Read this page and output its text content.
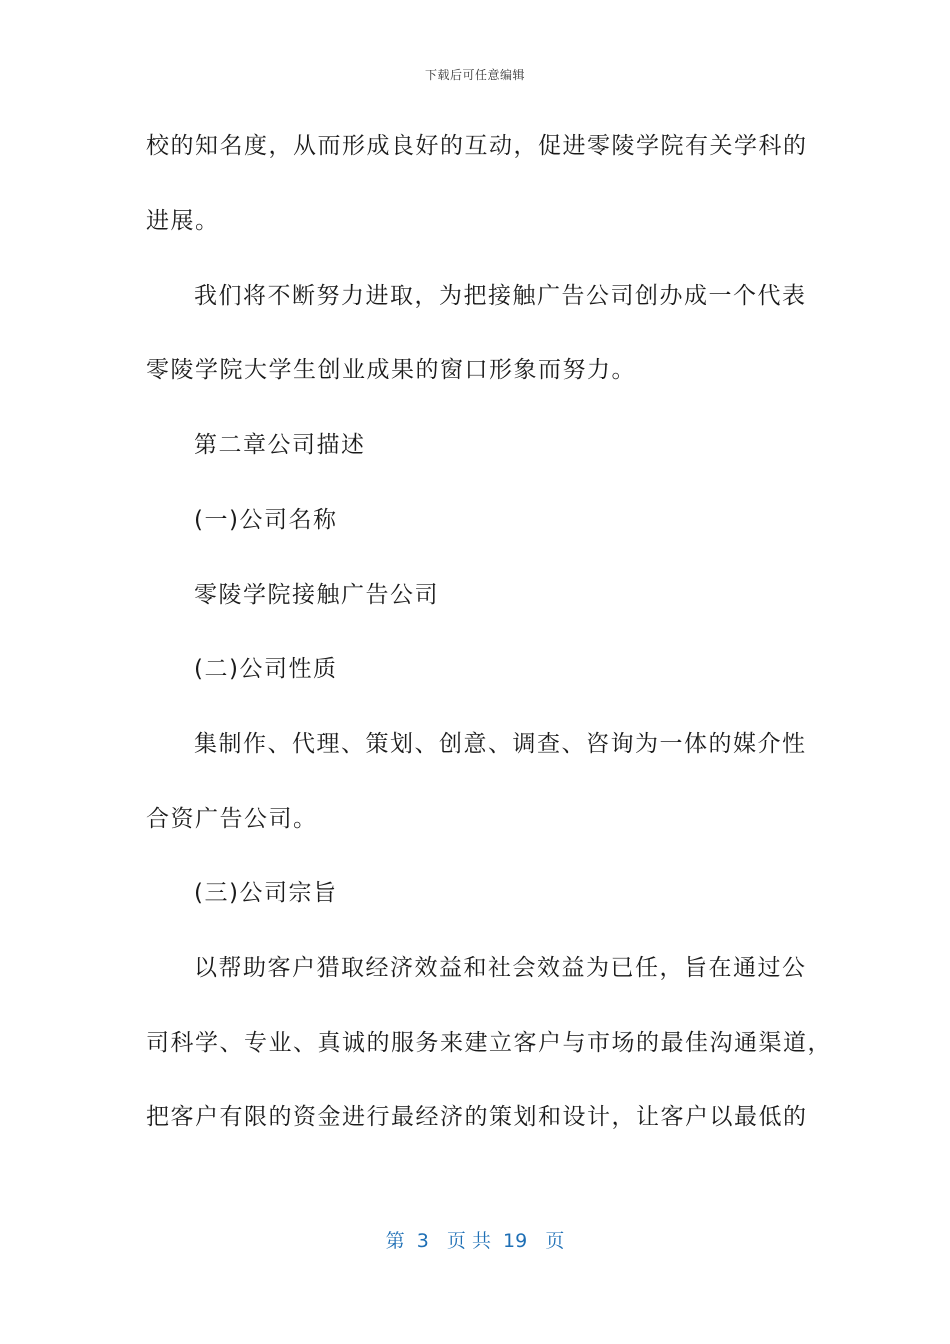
下载后可任意编辑
校的知名度，从而形成良好的互动，促进零陵学院有关学科的
进展。
我们将不断努力进取，为把接触广告公司创办成一个代表
零陵学院大学生创业成果的窗口形象而努力。
第二章公司描述
(一)公司名称
零陵学院接触广告公司
(二)公司性质
集制作、代理、策划、创意、调查、咨询为一体的媒介性
合资广告公司。
(三)公司宗旨
以帮助客户猎取经济效益和社会效益为已任，旨在通过公
司科学、专业、真诚的服务来建立客户与市场的最佳沟通渠道，
把客户有限的资金进行最经济的策划和设计，让客户以最低的
第  3   页 共  19   页
